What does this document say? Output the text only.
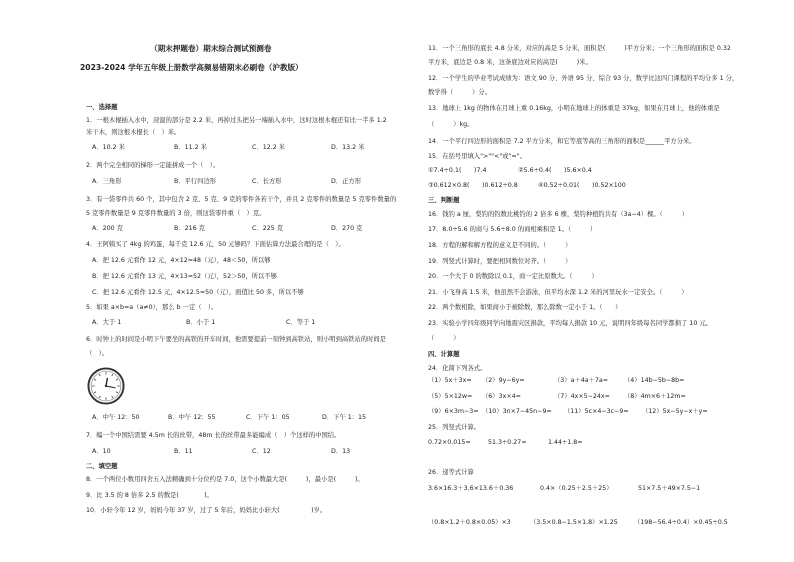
（期末押题卷）期末综合测试预测卷
2023-2024 学年五年级上册数学高频易错期末必刷卷（沪教版）
一、选择题
1．一根木棍插入水中，浸湿的部分是 2.2 米，再掉过头把另一端插入水中，这时这根木棍还有比一半多 1.2
米干木，则这根木棍长（　）米。
A．10.2 米	B．11.2 米	C．12.2 米	D．13.2 米
2．两个完全相同的梯形一定能拼成一个（　）。
A．三角形	B．平行四边形	C．长方形	D．正方形
3．有一袋零件共 60 个，其中包含 2 克、5 克、9 克的零件各若干个，并且 2 克零件的数量是 5 克零件数量的
5 克零件数量是 9 克零件数量的 3 倍，则这袋零件重（　）克。
A．200 克	B．216 克	C．225 克	D．270 克
4．王阿姨买了 4kg 的鸡蛋，每千克 12.6 元，50 元够吗？下面估算方法最合理的是（　）。
A．把 12.6 元看作 12 元，4×12=48（元），48＜50，所以够
B．把 12.6 元看作 13 元，4×13=52（元），52＞50，所以不够
C．把 12.6 元看作 12.5 元，4×12.5=50（元），面值比 50 多，所以不够
5．如果 a×b=a（a≠0），那么 b 一定（　）。
A．大于 1	B．小于 1	C．等于 1
6．时钟上的时间是小明下午要坐的高铁的开车时间，他需要提前一刻钟到高铁站，则小明到高铁站的时间是
（　）。
A．中午 12：50	B．中午 12：55	C．下午 1：05	D．下午 1：15
7．编一个中国结需要 4.5m 长的丝带，48m 长的丝带最多能编成（　）个这样的中国结。
A．10	B．11	C．12	D．13
二、填空题
8．一个两位小数用四舍五入法精确到十分位约是 7.0，这个小数最大是(　　　)，最小是(　　　)。
9．比 3.5 的 8 倍多 2.5 的数是(　　　　)。
10．小轩今年 12 岁，妈妈今年 37 岁，过了 5 年后，妈妈比小轩大(　　　　　)岁。
11．一个三角形的底长 4.8 分米，对应的高是 5 分米，面积是(　　　)平方分米；一个三角形的面积是 0.32
平方米，底边是 0.8 米，这条底边对应的高是(　　　)米。
12．一个学生的毕业考试成绩为：语文 90 分、外语 95 分、综合 93 分，数学比这四门课程的平均分多 1 分，
数学得（　　　）分。
13．地球上 1kg 的物体在月球上重 0.16kg，小明在地球上的体重是 37kg，如果在月球上，他的体重是
（　　　）kg。
14．一个平行四边形的面积是 7.2 平方分米，和它等底等高的三角形的面积是______平方分米。
15．在括号里填入">""<"或"="。
①7.4÷0.1(　　)7.4	②5.6÷0.4(　　)5.6×0.4
③0.612×0.8(　　)0.612÷0.8	④0.52÷0.01(　　)0.52×100
三、判断题
16．钱钓 a 厘，梨钓的钓数比桃钓的 2 倍多 6 棵，梨钓种植钓共有（3a−4）棵。（　　　）
17．8.0÷5.6 的商与 5.6÷8.0 的商相乘积是 1。（　　　）
18．方程的解和解方程的意义是不同的。（　　　）
19．列竖式计算时，要把相同数位对齐。（　　　）
20．一个大于 0 的数除以 0.1，商一定比原数大。（　　　）
21．小飞身高 1.5 米，他虽然不会游泳，但平均水深 1.2 米的河里玩水一定安全。（　　　）
22．两个数相除，如果商小于被除数，那么除数一定小于 1。（　　）
23．实验小学四年级同学向地震灾区捐款，平均每人捐款 10 元，说明四年级每名同学都捐了 10 元。
（　　　）
四、计算题
24．化简下列各式。
（1）5x＋3x= （2）9y−6y=	（3）a＋4a＋7a=	（4）14b−5b−8b=
（5）5×12w= （6）3x×4=	（7）4x×5−24x= （8）4m×6＋12m=
（9）6×3m−3= （10）3n×7−45n−9= （11）5c×4−3c−9= （12）5x−5y−x＋y=
25．列竖式计算。
0.72×0.015=	51.3÷0.27=	1.44÷1.8=
26．递等式计算
3.6×16.3＋3.6×13.6＋0.36	0.4×（0.25＋2.5＋25）	51×7.5＋49×7.5−1
（0.8×1.2＋0.8×0.05）×3	（3.5×0.8−1.5×1.8）×1.25	（198−56.4÷0.4）×0.45÷0.5
